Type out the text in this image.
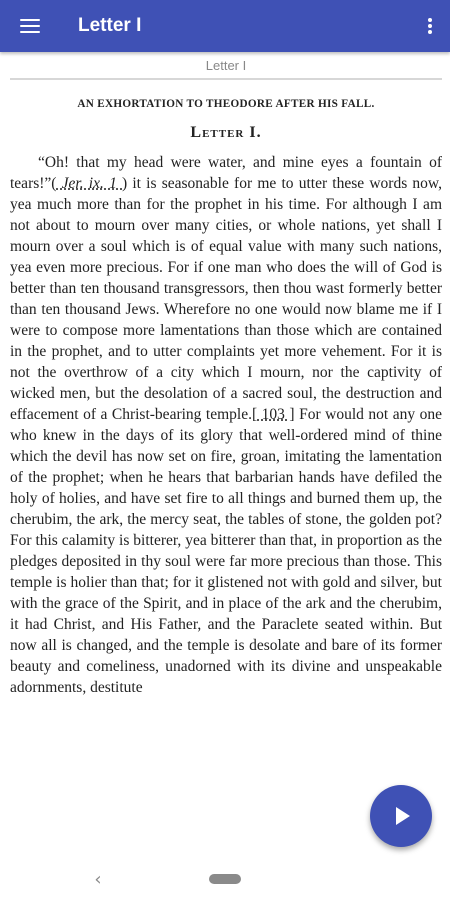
Letter I
Letter I
AN EXHORTATION TO THEODORE AFTER HIS FALL.
Letter I.

“Oh! that my head were water, and mine eyes a fountain of tears!”( Jer. ix. 1 ) it is seasonable for me to utter these words now, yea much more than for the prophet in his time. For although I am not about to mourn over many cities, or whole nations, yet shall I mourn over a soul which is of equal value with many such nations, yea even more precious. For if one man who does the will of God is better than ten thousand transgressors, then thou wast formerly better than ten thousand Jews. Wherefore no one would now blame me if I were to compose more lamentations than those which are contained in the prophet, and to utter complaints yet more vehement. For it is not the overthrow of a city which I mourn, nor the captivity of wicked men, but the desolation of a sacred soul, the destruction and effacement of a Christ-bearing temple.[ 103 ] For would not any one who knew in the days of its glory that well-ordered mind of thine which the devil has now set on fire, groan, imitating the lamentation of the prophet; when he hears that barbarian hands have defiled the holy of holies, and have set fire to all things and burned them up, the cherubim, the ark, the mercy seat, the tables of stone, the golden pot? For this calamity is bitterer, yea bitterer than that, in proportion as the pledges deposited in thy soul were far more precious than those. This temple is holier than that; for it glistened not with gold and silver, but with the grace of the Spirit, and in place of the ark and the cherubim, it had Christ, and His Father, and the Paraclete seated within. But now all is changed, and the temple is desolate and bare of its former beauty and comeliness, unadorned with its divine and unspeakable adornments, destitute

‹
